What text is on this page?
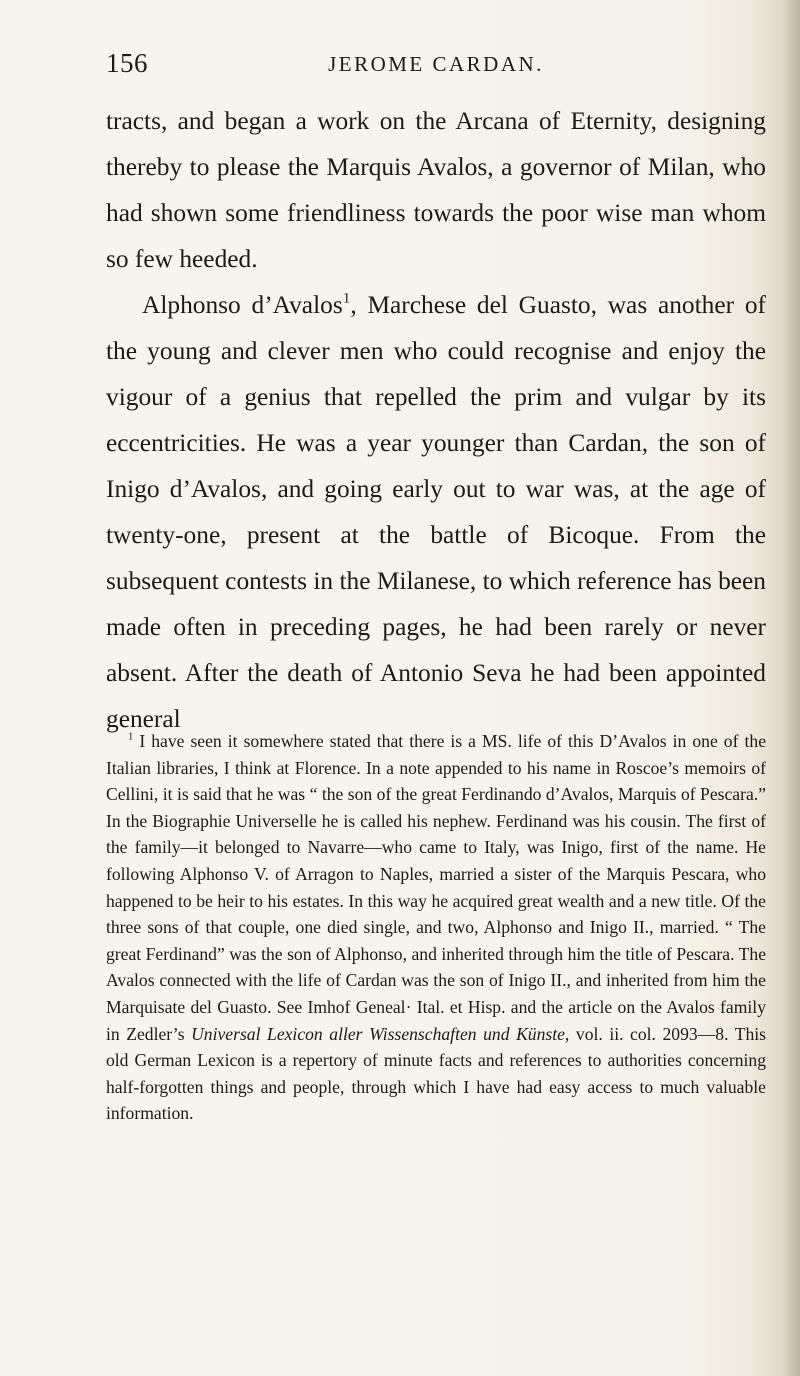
156	JEROME CARDAN.

tracts, and began a work on the Arcana of Eternity, designing thereby to please the Marquis Avalos, a governor of Milan, who had shown some friendliness towards the poor wise man whom so few heeded.

Alphonso d’Avalos$^1$, Marchese del Guasto, was another of the young and clever men who could recognise and enjoy the vigour of a genius that repelled the prim and vulgar by its eccentricities. He was a year younger than Cardan, the son of Inigo d’Avalos, and going early out to war was, at the age of twenty-one, present at the battle of Bicoque. From the subsequent contests in the Milanese, to which reference has been made often in preceding pages, he had been rarely or never absent. After the death of Antonio Seva he had been appointed general

$^1$ I have seen it somewhere stated that there is a MS. life of this D’Avalos in one of the Italian libraries, I think at Florence. In a note appended to his name in Roscoe’s memoirs of Cellini, it is said that he was “ the son of the great Ferdinando d’Avalos, Marquis of Pescara.” In the Biographie Universelle he is called his nephew. Ferdinand was his cousin. The first of the family—it belonged to Navarre—who came to Italy, was Inigo, first of the name. He following Alphonso V. of Arragon to Naples, married a sister of the Marquis Pescara, who happened to be heir to his estates. In this way he acquired great wealth and a new title. Of the three sons of that couple, one died single, and two, Alphonso and Inigo II., married. “ The great Ferdinand” was the son of Alphonso, and inherited through him the title of Pescara. The Avalos connected with the life of Cardan was the son of Inigo II., and inherited from him the Marquisate del Guasto. See Imhof Geneal· Ital. et Hisp. and the article on the Avalos family in Zedler’s Universal Lexicon aller Wissenschaften und Künste, vol. ii. col. 2093—8. This old German Lexicon is a repertory of minute facts and references to authorities concerning half-forgotten things and people, through which I have had easy access to much valuable information.
